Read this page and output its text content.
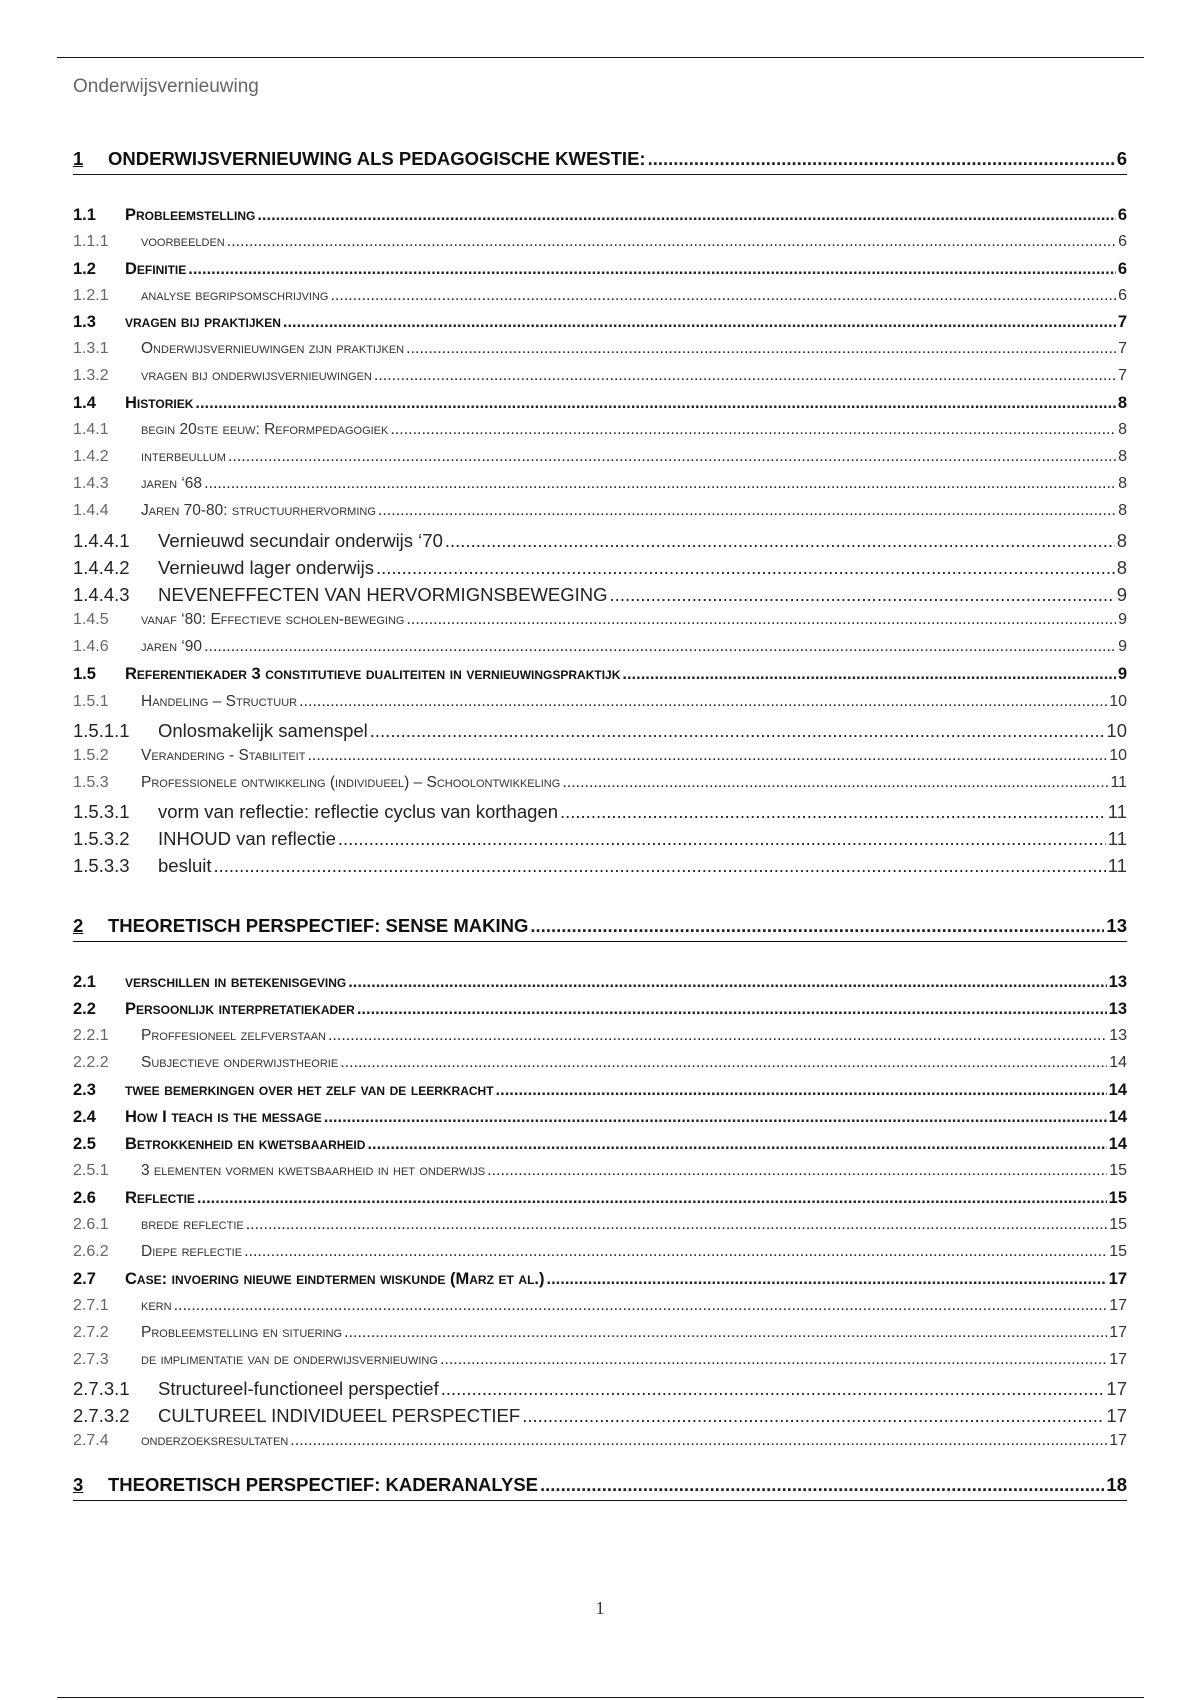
Onderwijsvernieuwing
1	ONDERWIJSVERNIEUWING ALS PEDAGOGISCHE KWESTIE: .....	6
1.1	Probleemstelling .....	6
1.1.1	voorbeelden .....	6
1.2	Definitie .....	6
1.2.1	analyse begripsomschrijving .....	6
1.3	vragen bij praktijken .....	7
1.3.1	Onderwijsvernieuwingen zijn praktijken .....	7
1.3.2	vragen bij onderwijsvernieuwingen .....	7
1.4	Historiek .....	8
1.4.1	begin 20ste eeuw: Reformpedagogiek .....	8
1.4.2	interbeullum .....	8
1.4.3	jaren ‘68 .....	8
1.4.4	Jaren 70-80: structuurhervorming .....	8
1.4.4.1	Vernieuwd secundair onderwijs ‘70 .....	8
1.4.4.2	Vernieuwd lager onderwijs .....	8
1.4.4.3	NEVENEFFECTEN VAN HERVORMIGNSBEWEGING .....	9
1.4.5	vanaf ‘80: Effectieve scholen-beweging .....	9
1.4.6	jaren ‘90 .....	9
1.5	Referentiekader 3 constitutieve dualiteiten in vernieuwingspraktijk .....	9
1.5.1	Handeling – Structuur .....	10
1.5.1.1	Onlosmakelijk samenspel .....	10
1.5.2	Verandering - Stabiliteit .....	10
1.5.3	Professionele ontwikkeling (individueel) – Schoolontwikkeling .....	11
1.5.3.1	vorm van reflectie: reflectie cyclus van korthagen .....	11
1.5.3.2	INHOUD van reflectie .....	11
1.5.3.3	besluit .....	11
2	THEORETISCH PERSPECTIEF: SENSE MAKING .....	13
2.1	verschillen in betekenisgeving .....	13
2.2	Persoonlijk interpretatiekader .....	13
2.2.1	Proffesioneel zelfverstaan .....	13
2.2.2	Subjectieve onderwijstheorie .....	14
2.3	twee bemerkingen over het zelf van de leerkracht .....	14
2.4	How I teach is the message .....	14
2.5	Betrokkenheid en kwetsbaarheid .....	14
2.5.1	3 elementen vormen kwetsbaarheid in het onderwijs .....	15
2.6	Reflectie .....	15
2.6.1	brede reflectie .....	15
2.6.2	Diepe reflectie .....	15
2.7	Case: invoering nieuwe eindtermen wiskunde (Marz et al.) .....	17
2.7.1	kern .....	17
2.7.2	Probleemstelling en situering .....	17
2.7.3	de implimentatie van de onderwijsvernieuwing .....	17
2.7.3.1	Structureel-functioneel perspectief .....	17
2.7.3.2	CULTUREEL INDIVIDUEEL PERSPECTIEF .....	17
2.7.4	onderzoeksresultaten .....	17
3	THEORETISCH PERSPECTIEF: KADERANALYSE .....	18
1
